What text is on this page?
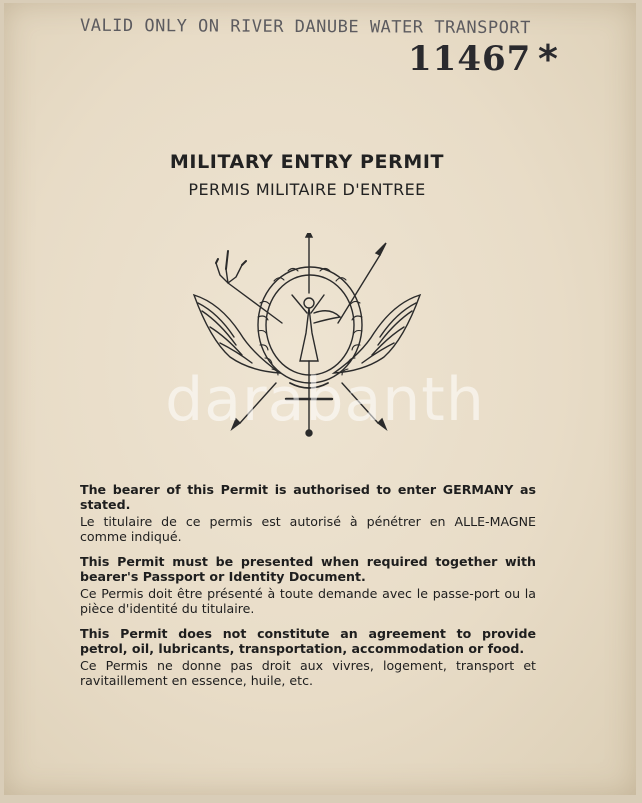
VALID ONLY ON RIVER DANUBE WATER TRANSPORT
11467 *
MILITARY ENTRY PERMIT
PERMIS MILITAIRE D'ENTREE
darabanth

The bearer of this Permit is authorised to enter GERMANY as stated.

Le titulaire de ce permis est autorisé à pénétrer en ALLE-MAGNE comme indiqué.

This Permit must be presented when required together with bearer's Passport or Identity Document.

Ce Permis doit être présenté à toute demande avec le passe-port ou la pièce d'identité du titulaire.

This Permit does not constitute an agreement to provide petrol, oil, lubricants, transportation, accommodation or food.

Ce Permis ne donne pas droit aux vivres, logement, transport et ravitaillement en essence, huile, etc.
